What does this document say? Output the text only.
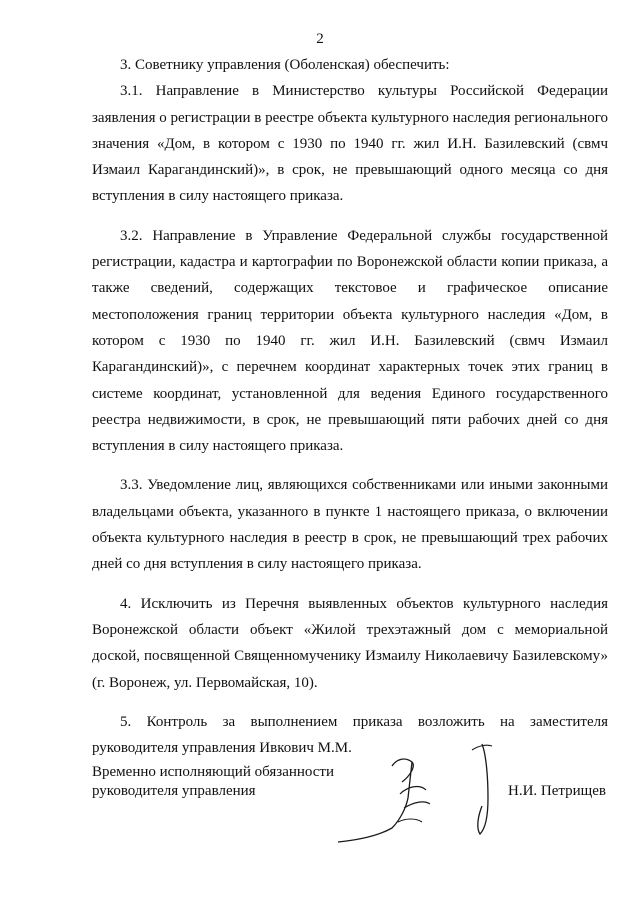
2

3. Советнику управления (Оболенская) обеспечить:

3.1. Направление в Министерство культуры Российской Федерации заявления о регистрации в реестре объекта культурного наследия регионального значения «Дом, в котором с 1930 по 1940 гг. жил И.Н. Базилевский (свмч Измаил Карагандинский)», в срок, не превышающий одного месяца со дня вступления в силу настоящего приказа.

3.2. Направление в Управление Федеральной службы государственной регистрации, кадастра и картографии по Воронежской области копии приказа, а также сведений, содержащих текстовое и графическое описание местоположения границ территории объекта культурного наследия «Дом, в котором с 1930 по 1940 гг. жил И.Н. Базилевский (свмч Измаил Карагандинский)», с перечнем координат характерных точек этих границ в системе координат, установленной для ведения Единого государственного реестра недвижимости, в срок, не превышающий пяти рабочих дней со дня вступления в силу настоящего приказа.

3.3. Уведомление лиц, являющихся собственниками или иными законными владельцами объекта, указанного в пункте 1 настоящего приказа, о включении объекта культурного наследия в реестр в срок, не превышающий трех рабочих дней со дня вступления в силу настоящего приказа.

4. Исключить из Перечня выявленных объектов культурного наследия Воронежской области объект «Жилой трехэтажный дом с мемориальной доской, посвященной Священномученику Измаилу Николаевичу Базилевскому» (г. Воронеж, ул. Первомайская, 10).

5. Контроль за выполнением приказа возложить на заместителя руководителя управления Ивкович М.М.

Временно исполняющий обязанности
руководителя управления	Н.И. Петрищев
